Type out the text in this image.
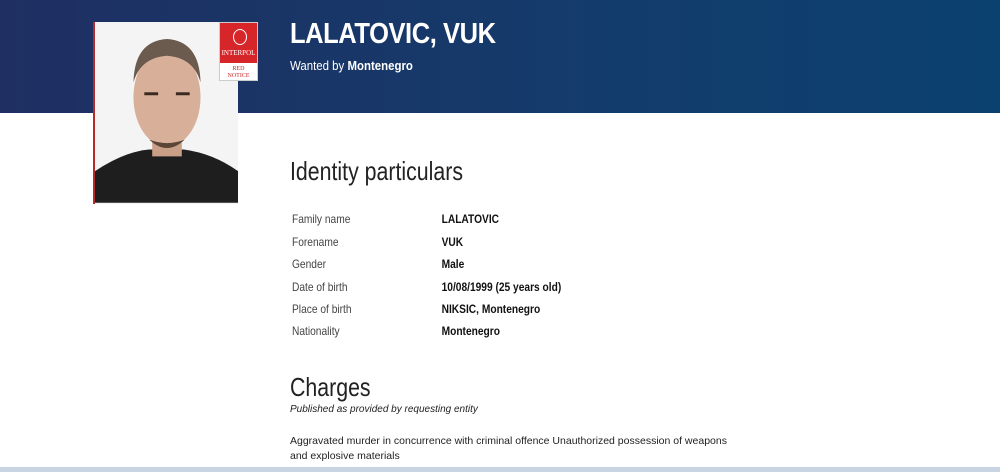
INTERPOL
RED
NOTICE
LALATOVIC, VUK
Wanted by Montenegro
Identity particulars
Family name	LALATOVIC
Forename	VUK
Gender	Male
Date of birth	10/08/1999 (25 years old)
Place of birth	NIKSIC, Montenegro
Nationality	Montenegro
Charges
Published as provided by requesting entity
Aggravated murder in concurrence with criminal offence Unauthorized possession of weapons and explosive materials
